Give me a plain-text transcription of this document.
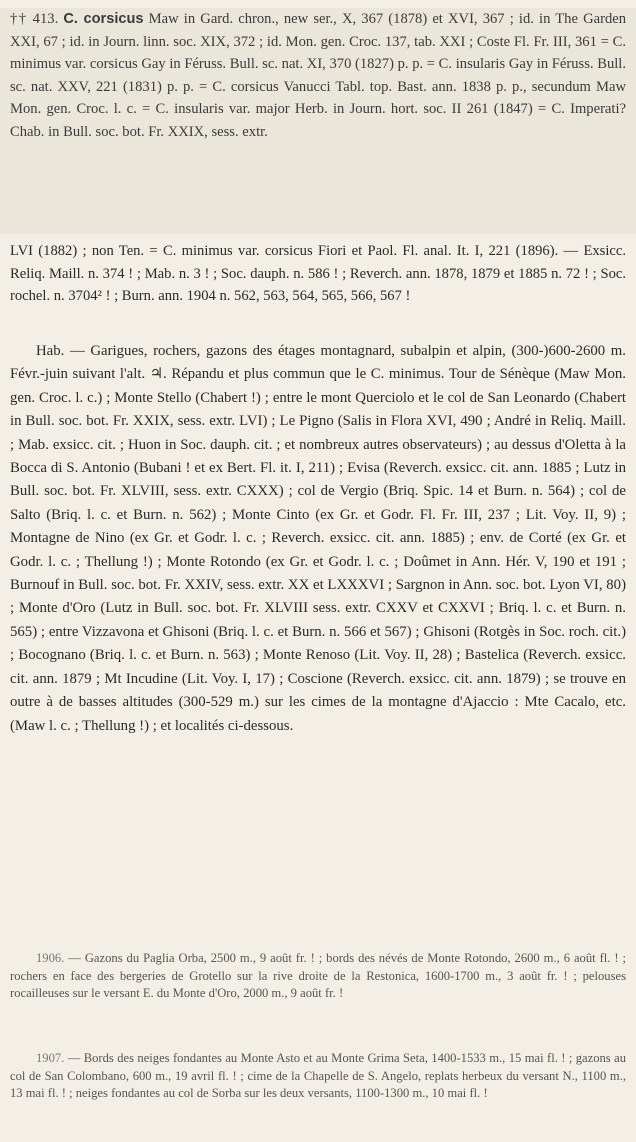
†† 413. C. corsicus Maw in Gard. chron., new ser., X, 367 (1878) et XVI, 367 ; id. in The Garden XXI, 67 ; id. in Journ. linn. soc. XIX, 372 ; id. Mon. gen. Croc. 137, tab. XXI ; Coste Fl. Fr. III, 361 = C. minimus var. corsicus Gay in Féruss. Bull. sc. nat. XI, 370 (1827) p. p. = C. insularis Gay in Féruss. Bull. sc. nat. XXV, 221 (1831) p. p. = C. corsicus Vanucci Tabl. top. Bast. ann. 1838 p. p., secundum Maw Mon. gen. Croc. l. c. = C. insularis var. major Herb. in Journ. hort. soc. II 261 (1847) = C. Imperati? Chab. in Bull. soc. bot. Fr. XXIX, sess. extr.

LVI (1882) ; non Ten. = C. minimus var. corsicus Fiori et Paol. Fl. anal. It. I, 221 (1896). — Exsicc. Reliq. Maill. n. 374 ! ; Mab. n. 3 ! ; Soc. dauph. n. 586 ! ; Reverch. ann. 1878, 1879 et 1885 n. 72 ! ; Soc. rochel. n. 3704² ! ; Burn. ann. 1904 n. 562, 563, 564, 565, 566, 567 !

Hab. — Garigues, rochers, gazons des étages montagnard, subalpin et alpin, (300-)600-2600 m. Févr.-juin suivant l'alt. ♃. Répandu et plus commun que le C. minimus. Tour de Sénèque (Maw Mon. gen. Croc. l. c.) ; Monte Stello (Chabert !) ; entre le mont Querciolo et le col de San Leonardo (Chabert in Bull. soc. bot. Fr. XXIX, sess. extr. LVI) ; Le Pigno (Salis in Flora XVI, 490 ; André in Reliq. Maill. ; Mab. exsicc. cit. ; Huon in Soc. dauph. cit. ; et nombreux autres observateurs) ; au dessus d'Oletta à la Bocca di S. Antonio (Bubani ! et ex Bert. Fl. it. I, 211) ; Evisa (Reverch. exsicc. cit. ann. 1885 ; Lutz in Bull. soc. bot. Fr. XLVIII, sess. extr. CXXX) ; col de Vergio (Briq. Spic. 14 et Burn. n. 564) ; col de Salto (Briq. l. c. et Burn. n. 562) ; Monte Cinto (ex Gr. et Godr. Fl. Fr. III, 237 ; Lit. Voy. II, 9) ; Montagne de Nino (ex Gr. et Godr. l. c. ; Reverch. exsicc. cit. ann. 1885) ; env. de Corté (ex Gr. et Godr. l. c. ; Thellung !) ; Monte Rotondo (ex Gr. et Godr. l. c. ; Doûmet in Ann. Hér. V, 190 et 191 ; Burnouf in Bull. soc. bot. Fr. XXIV, sess. extr. XX et LXXXVI ; Sargnon in Ann. soc. bot. Lyon VI, 80) ; Monte d'Oro (Lutz in Bull. soc. bot. Fr. XLVIII sess. extr. CXXV et CXXVI ; Briq. l. c. et Burn. n. 565) ; entre Vizzavona et Ghisoni (Briq. l. c. et Burn. n. 566 et 567) ; Ghisoni (Rotgès in Soc. roch. cit.) ; Bocognano (Briq. l. c. et Burn. n. 563) ; Monte Renoso (Lit. Voy. II, 28) ; Bastelica (Reverch. exsicc. cit. ann. 1879 ; Mt Incudine (Lit. Voy. I, 17) ; Coscione (Reverch. exsicc. cit. ann. 1879) ; se trouve en outre à de basses altitudes (300-529 m.) sur les cimes de la montagne d'Ajaccio : Mte Cacalo, etc. (Maw l. c. ; Thellung !) ; et localités ci-dessous.

1906. — Gazons du Paglia Orba, 2500 m., 9 août fr. ! ; bords des névés de Monte Rotondo, 2600 m., 6 août fl. ! ; rochers en face des bergeries de Grotello sur la rive droite de la Restonica, 1600-1700 m., 3 août fr. ! ; pelouses rocailleuses sur le versant E. du Monte d'Oro, 2000 m., 9 août fr. !

1907. — Bords des neiges fondantes au Monte Asto et au Monte Grima Seta, 1400-1533 m., 15 mai fl. ! ; gazons au col de San Colombano, 600 m., 19 avril fl. ! ; cime de la Chapelle de S. Angelo, replats herbeux du versant N., 1100 m., 13 mai fl. ! ; neiges fondantes au col de Sorba sur les deux versants, 1100-1300 m., 10 mai fl. !
